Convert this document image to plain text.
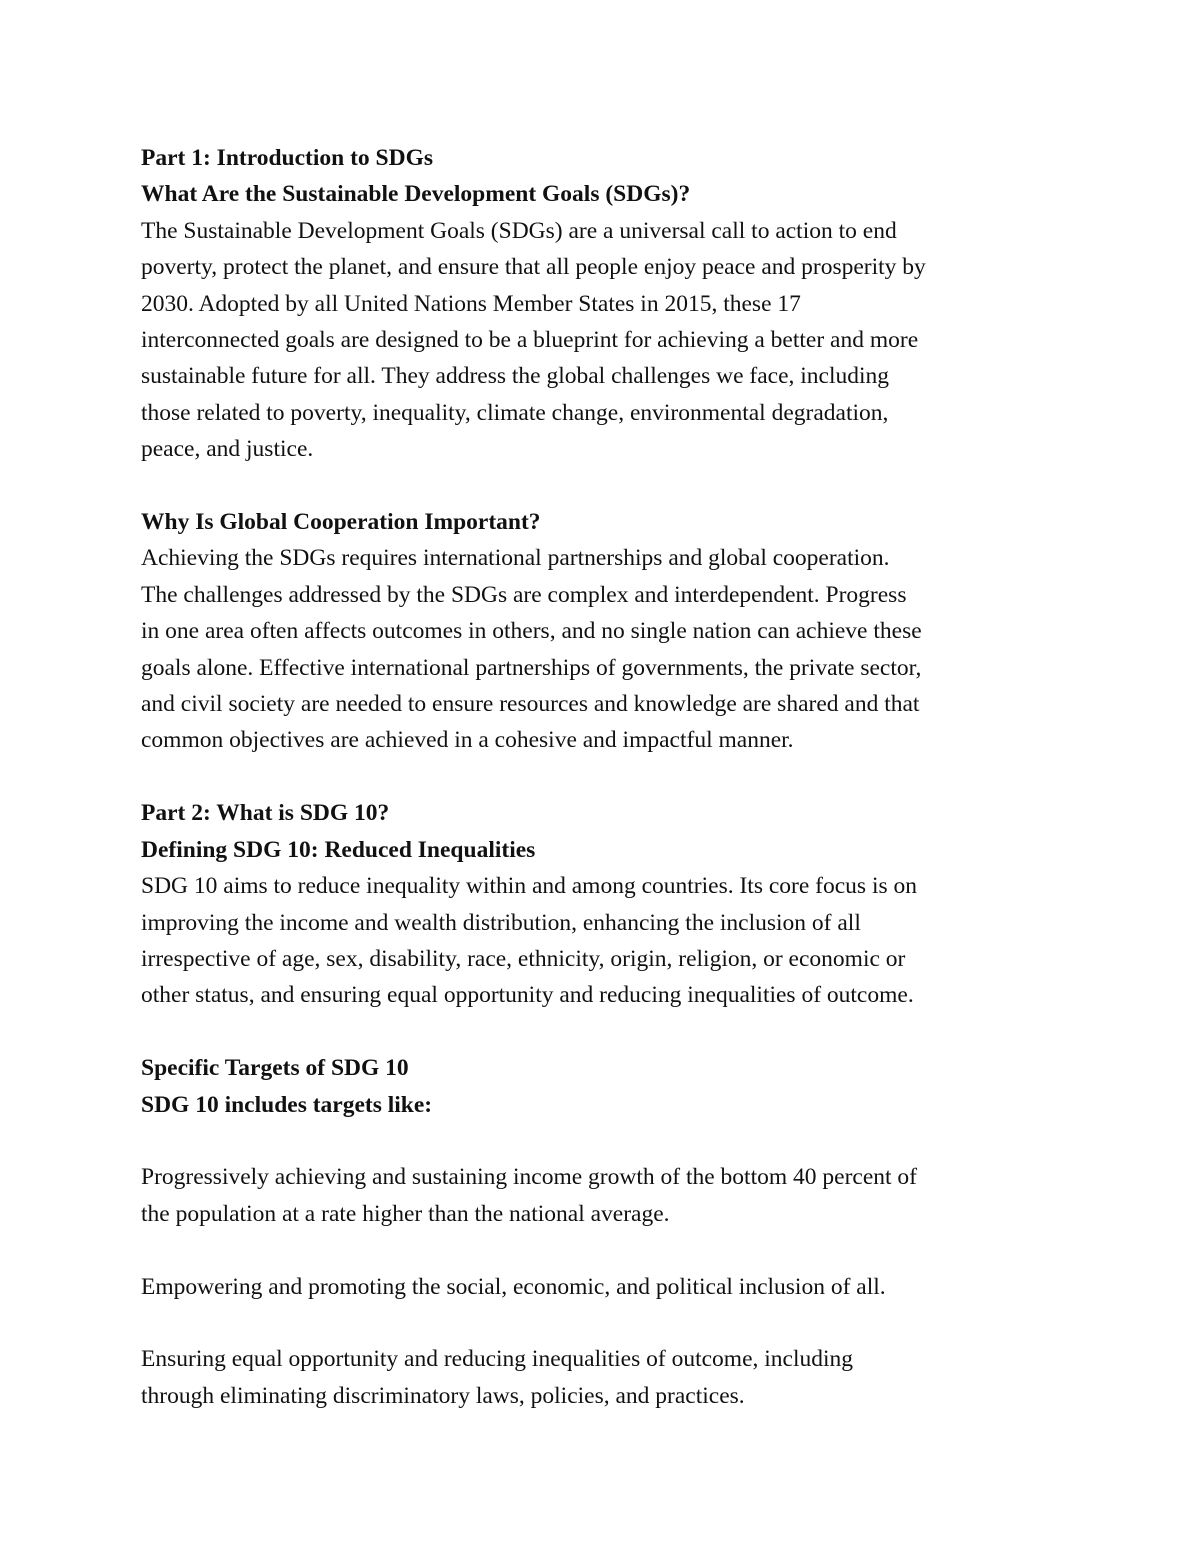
Part 1: Introduction to SDGs
What Are the Sustainable Development Goals (SDGs)?
The Sustainable Development Goals (SDGs) are a universal call to action to end
poverty, protect the planet, and ensure that all people enjoy peace and prosperity by
2030. Adopted by all United Nations Member States in 2015, these 17
interconnected goals are designed to be a blueprint for achieving a better and more
sustainable future for all. They address the global challenges we face, including
those related to poverty, inequality, climate change, environmental degradation,
peace, and justice.
Why Is Global Cooperation Important?
Achieving the SDGs requires international partnerships and global cooperation.
The challenges addressed by the SDGs are complex and interdependent. Progress
in one area often affects outcomes in others, and no single nation can achieve these
goals alone. Effective international partnerships of governments, the private sector,
and civil society are needed to ensure resources and knowledge are shared and that
common objectives are achieved in a cohesive and impactful manner.
Part 2: What is SDG 10?
Defining SDG 10: Reduced Inequalities
SDG 10 aims to reduce inequality within and among countries. Its core focus is on
improving the income and wealth distribution, enhancing the inclusion of all
irrespective of age, sex, disability, race, ethnicity, origin, religion, or economic or
other status, and ensuring equal opportunity and reducing inequalities of outcome.
Specific Targets of SDG 10
SDG 10 includes targets like:
Progressively achieving and sustaining income growth of the bottom 40 percent of
the population at a rate higher than the national average.
Empowering and promoting the social, economic, and political inclusion of all.
Ensuring equal opportunity and reducing inequalities of outcome, including
through eliminating discriminatory laws, policies, and practices.
